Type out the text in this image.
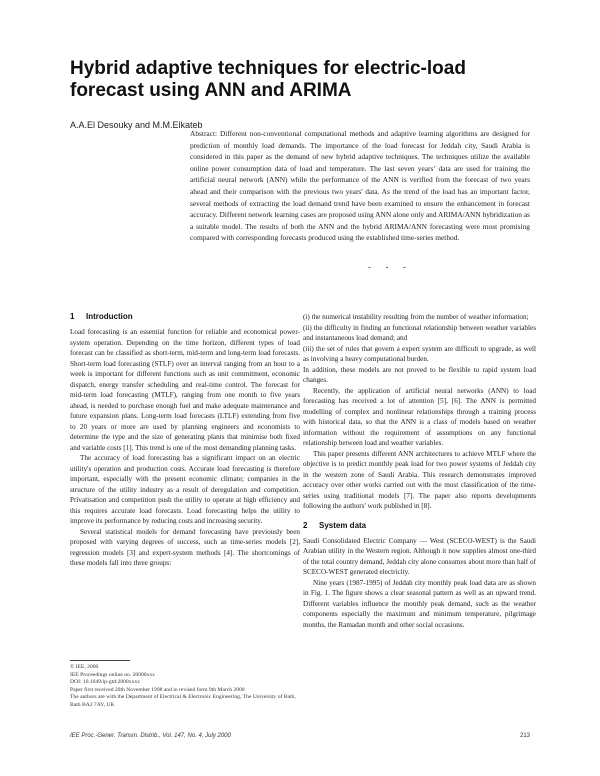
Hybrid adaptive techniques for electric-load forecast using ANN and ARIMA
A.A.El Desouky and M.M.Elkateb
Abstract: Different non-conventional computational methods and adaptive learning algorithms are designed for prediction of monthly load demands. The importance of the load forecast for Jeddah city, Saudi Arabia is considered in this paper as the demand of new hybrid adaptive techniques. The techniques utilize the available online power consumption data of load and temperature. The last seven years’ data are used for training the artificial neural network (ANN) while the performance of the ANN is verified from the forecast of two years ahead and their comparison with the previous two years' data. As the trend of the load has an important factor, several methods of extracting the load demand trend have been examined to ensure the enhancement in forecast accuracy. Different network learning cases are proposed using ANN alone only and ARIMA/ANN hybridization as a suitable model. The results of both the ANN and the hybrid ARIMA/ANN forecasting were most promising compared with corresponding forecasts produced using the established time-series method.
- - -
1 Introduction

Load forecasting is an essential function for reliable and economical power-system operation. Depending on the time horizon, different types of load forecast can be classified as short-term, mid-term and long-term load forecasts. Short-term load forecasting (STLF) over an interval ranging from an hour to a week is important for different functions such as unit commitment, economic dispatch, energy transfer scheduling and real-time control. The forecast for mid-term load forecasting (MTLF), ranging from one month to five years ahead, is needed to purchase enough fuel and make adequate maintenance and future expansion plans. Long-term load forecasts (LTLF) extending from five to 20 years or more are used by planning engineers and economists to determine the type and the size of generating plants that minimise both fixed and variable costs [1]. This trend is one of the most demanding planning tasks.

The accuracy of load forecasting has a significant impact on an electric utility's operation and production costs. Accurate load forecasting is therefore important, especially with the present economic climate; companies in the structure of the utility industry as a result of deregulation and competition. Privatisation and competition push the utility to operate at high efficiency and this requires accurate load forecasts. Load forecasting helps the utility to improve its performance by reducing costs and increasing security.

Several statistical models for demand forecasting have previously been proposed with varying degrees of success, such as time-series models [2], regression models [3] and expert-system methods [4]. The shortcomings of these models fall into three groups:

(i) the numerical instability resulting from the number of weather information;

(ii) the difficulty in finding an functional relationship between weather variables and instantaneous load demand; and

(iii) the set of rules that govern a expert system are difficult to upgrade, as well as involving a heavy computational burden.

In addition, these models are not proved to be flexible to rapid system load changes.

Recently, the application of artificial neural networks (ANN) to load forecasting has received a lot of attention [5], [6]. The ANN is permitted modelling of complex and nonlinear relationships through a training process with historical data, so that the ANN is a class of models based on weather information without the requirement of assumptions on any functional relationship between load and weather variables.

This paper presents different ANN architectures to achieve MTLF where the objective is to predict monthly peak load for two power systems of Jeddah city in the western zone of Saudi Arabia. This research demonstrates improved accuracy over other works carried out with the most classification of the time-series using traditional models [7]. The paper also reports developments following the authors' work published in [8].

2 System data

Saudi Consolidated Electric Company — West (SCECO-WEST) is the Saudi Arabian utility in the Western region. Although it now supplies almost one-third of the total country demand, Jeddah city alone consumes about more than half of SCECO-WEST generated electricity.

Nine years (1987-1995) of Jeddah city monthly peak load data are as shown in Fig. 1. The figure shows a clear seasonal pattern as well as an upward trend. Different variables influence the monthly peak demand, such as the weather components especially the maximum and minimum temperature, pilgrimage months, the Ramadan month and other social occasions.

© IEE, 2000
IEE Proceedings online no. 20000xxx
DOI: 10.1049/ip-gtd:2000xxxx
Paper first received 20th November 1998 and in revised form 9th March 2000
The authors are with the Department of Electrical & Electronic Engineering, The University of Bath, Bath BA2 7AY, UK
IEE Proc.-Gener. Transm. Distrib., Vol. 147, No. 4, July 2000	213
